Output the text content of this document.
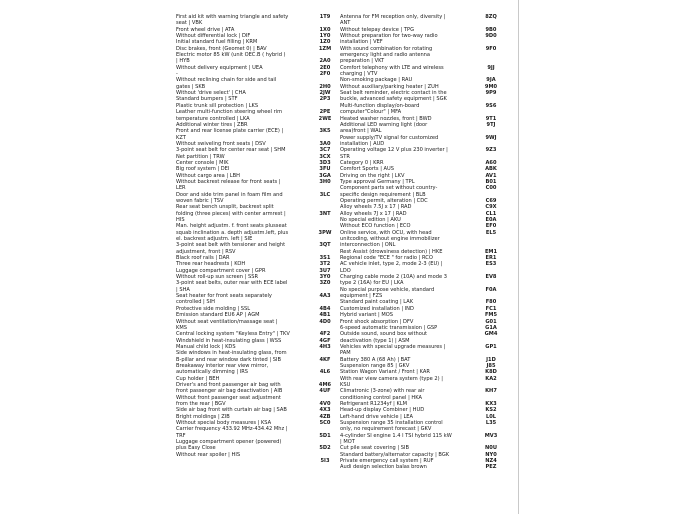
First aid kit with warning triangle and safety
seat | VBK
Front wheel drive | ATA
Without differential lock | DIF
Initial standard fuel filling | KRM
Disc brakes, front (Geomet 0) | BAV
Electric motor 85 kW (unit OEC.B ( hybrid )
| HYB
Without delivery equipment | UEA
-
Without reclining chain for side and tail
gates | SKB
Without 'drive select' | CHA
Standard bumpers | STF
Plastic trunk sill protection | LKS
Leather multi-function steering wheel rim
temperature controlled | LKA
Additional winter tires | ZBR
Front and rear license plate carrier (ECE) |
KZT
Without swiveling front seats | DSV
3-point seat belt for center rear seat | SHM
Net partition | TRW
Center console | MIK
Big roof system | DEI
Without cargo area | LBH
Without backrest release for front seats |
LER
Door and side trim panel in foam film and
woven fabric | TSV
Rear seat bench unsplit, backrest split
folding (three pieces) with center armrest |
HIS
Man. height adjustm. f. front seats plusseat
squab inclination a. depth adjustm.left, plus
el. backrest adjustm. left | SIE
3-point seat belt with tensioner and height
adjustment, front | RSV
Black roof rails | DAR
Three rear headrests | KOH
Luggage compartment cover | GPR
Without roll-up sun screen | SSR
3-point seat belts, outer rear with ECE label
| SHA
Seat heater for front seats separately
controlled | SIH
Protective side molding | SSL
Emission standard EU6 AP | AGM
Without seat ventilation/massage seat |
KMS
Central locking system "Keyless Entry" | TKV
Windshield in heat-insulating glass | WSS
Manual child lock | KDS
Side windows in heat-insulating glass, from
B-pillar and rear window dark tinted | SIB
Breakaway interior rear view mirror,
automatically dimming | IRS
Cup holder | BEH
Driver's and front passenger air bag with
front passenger air bag deactivation | AIB
Without front passenger seat adjustment
from the rear | BGV
Side air bag front with curtain air bag | SAB
Bright moldings | ZIB
Without special body measures | KSA
Carrier frequency 433.92 MHz-434.42 Mhz |
TRF
Luggage compartment opener (powered)
plus Easy Close
Without rear spoiler | HIS
1T9

1X0
1Y0
1Z0
1ZM

2A0
2E0
2F0

2H0
2JW
2P3

2PE
2WE

3K5

3A0
3C7
3CX
3D3
3FU
3GA
3H0

3LC

3NT

3PW

3QT

3S1
3T2
3U7
3Y0
3Z0

4A3

4B4
4B1
4D0

4F2
4GF
4H3

4KF

4L6

4M6
4UF

4V0
4X3
4ZB
5C0

5D1

5D2

5I3
Antenna for FM reception only, diversity |
ANT
Without telepay device | TPG
Without preparation for two-way radio
installation | VEF
With sound combination for rotating
emergency light and radio antenna
preparation | VKT
Comfort telephony with LTE and wireless
charging | VTV
Non-smoking package | RAU
Without auxiliary/parking heater | ZUH
Seat belt reminder, electric contact in the
buckle, advanced safety equipment | SGK
Multi-function display/on-board
computer"Colour" | MFA
Heated washer nozzles, front | BWD
Additional LED warning light (door
area)front | WAL
Power supply/TV signal for customized
installation | AUD
Operating voltage 12 V plus 230 inverter |
STR
Category 0 | KRR
Comfort Sports | AUS
Driving on the right | LKV
Type approval Germany | TPL
Component parts set without country-
specific design requirement | BLB
Operating permit, alteration | CDC
Alloy wheels 7.5J x 17 | RAD
Alloy wheels 7J x 17 | RAD
No special edition | AKU
Without ECO function | ECO
Online service, with OCU, with head
unitcoding, without engine immobilizer
interconnection | ONL
Rest Assist (drowsiness detection) | HKE
Regional code "ECE " for radio | RCO
AC vehicle inlet, type 2, mode 2-3 (EU) |
LDO
Charging cable mode 2 (10A) and mode 3
type 2 (16A) for EU | LKA
No special purpose vehicle, standard
equipment | FZS
Standard paint coating | LAK
Customized installation | IND
Hybrid variant | MOS
Front shock absorption | DFV
6-speed automatic transmission | GSP
Outside sound, sound box without
deactivation (type 1) | ASM
Vehicles with special upgrade measures |
PAM
Battery 380 A (68 Ah) | BAT
Suspension range 85 | GKV
Station Wagon Variant / Front | KAR
With rear view camera system (type 2) |
KSU
Climatronic (3-zone) with rear air
conditioning control panel | HKA
Refrigerant R1234yf | KLM
Head-up display Combiner | HUD
Left-hand drive vehicle | LEA
Suspension range 35 installation control
only, no requirement forecast | GKV
4-cylinder SI engine 1.4 l TSI hybrid 115 kW
| MOT
Cut pile seat covering | SIB
Standard battery/alternator capacity | BGK
Private emergency call system | RUF
Audi design selection balas brown
8ZQ

9B0
9D0

9F0

9JJ

9JA
9M0
9P9

9S6

9T1
9TJ

9WJ

9Z3

A60
ABK
AV1
B01
C00

C69
C9X
CL1
E0A
EF0
EL5

EM1
ER1
ES3

EV8

F0A

F80
FC1
FM5
G01
G1A
GM4

GP1

J1D
J85
K8D
KA2

KH7

KX3
KS2
L0L
L35

MV3

N0U
NY0
NZ4
PEZ
